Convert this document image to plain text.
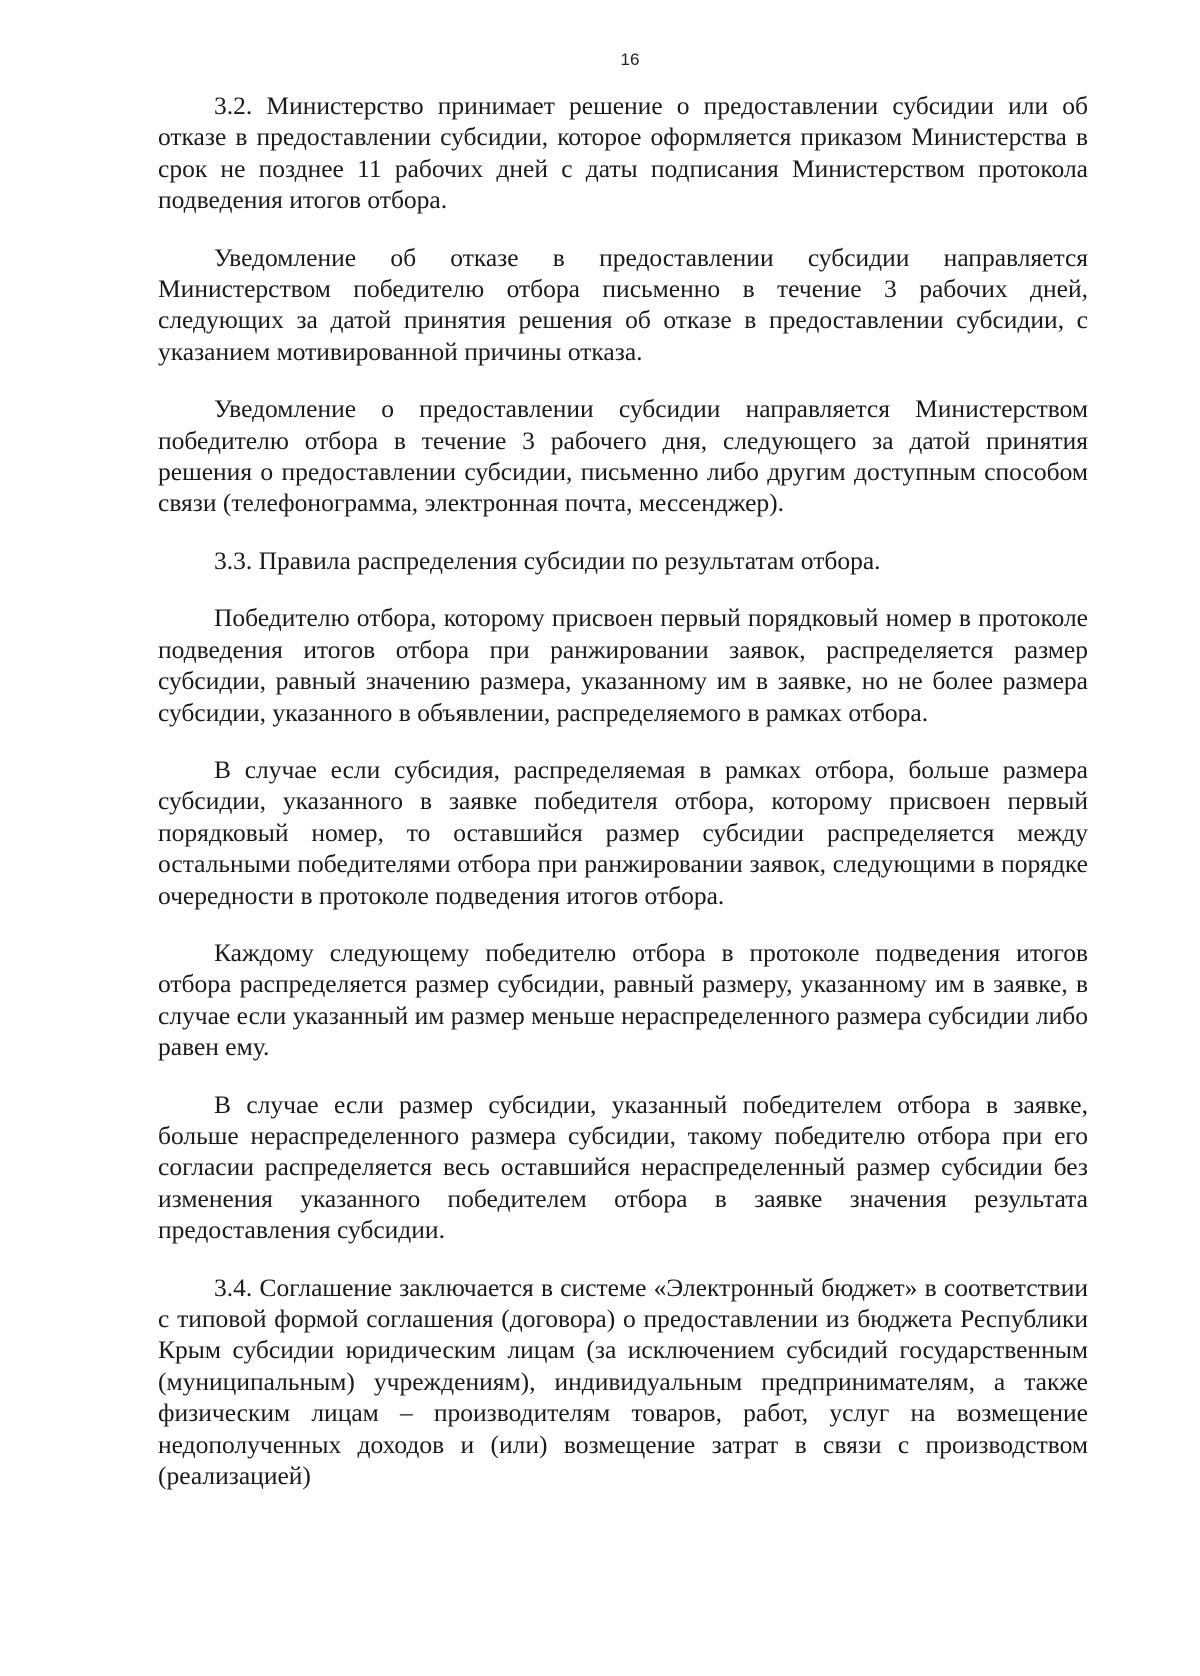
16

3.2. Министерство принимает решение о предоставлении субсидии или об отказе в предоставлении субсидии, которое оформляется приказом Министерства в срок не позднее 11 рабочих дней с даты подписания Министерством протокола подведения итогов отбора.

Уведомление об отказе в предоставлении субсидии направляется Министерством победителю отбора письменно в течение 3 рабочих дней, следующих за датой принятия решения об отказе в предоставлении субсидии, с указанием мотивированной причины отказа.

Уведомление о предоставлении субсидии направляется Министерством победителю отбора в течение 3 рабочего дня, следующего за датой принятия решения о предоставлении субсидии, письменно либо другим доступным способом связи (телефонограмма, электронная почта, мессенджер).

3.3. Правила распределения субсидии по результатам отбора.

Победителю отбора, которому присвоен первый порядковый номер в протоколе подведения итогов отбора при ранжировании заявок, распределяется размер субсидии, равный значению размера, указанному им в заявке, но не более размера субсидии, указанного в объявлении, распределяемого в рамках отбора.

В случае если субсидия, распределяемая в рамках отбора, больше размера субсидии, указанного в заявке победителя отбора, которому присвоен первый порядковый номер, то оставшийся размер субсидии распределяется между остальными победителями отбора при ранжировании заявок, следующими в порядке очередности в протоколе подведения итогов отбора.

Каждому следующему победителю отбора в протоколе подведения итогов отбора распределяется размер субсидии, равный размеру, указанному им в заявке, в случае если указанный им размер меньше нераспределенного размера субсидии либо равен ему.

В случае если размер субсидии, указанный победителем отбора в заявке, больше нераспределенного размера субсидии, такому победителю отбора при его согласии распределяется весь оставшийся нераспределенный размер субсидии без изменения указанного победителем отбора в заявке значения результата предоставления субсидии.

3.4. Соглашение заключается в системе «Электронный бюджет» в соответствии с типовой формой соглашения (договора) о предоставлении из бюджета Республики Крым субсидии юридическим лицам (за исключением субсидий государственным (муниципальным) учреждениям), индивидуальным предпринимателям, а также физическим лицам – производителям товаров, работ, услуг на возмещение недополученных доходов и (или) возмещение затрат в связи с производством (реализацией)
